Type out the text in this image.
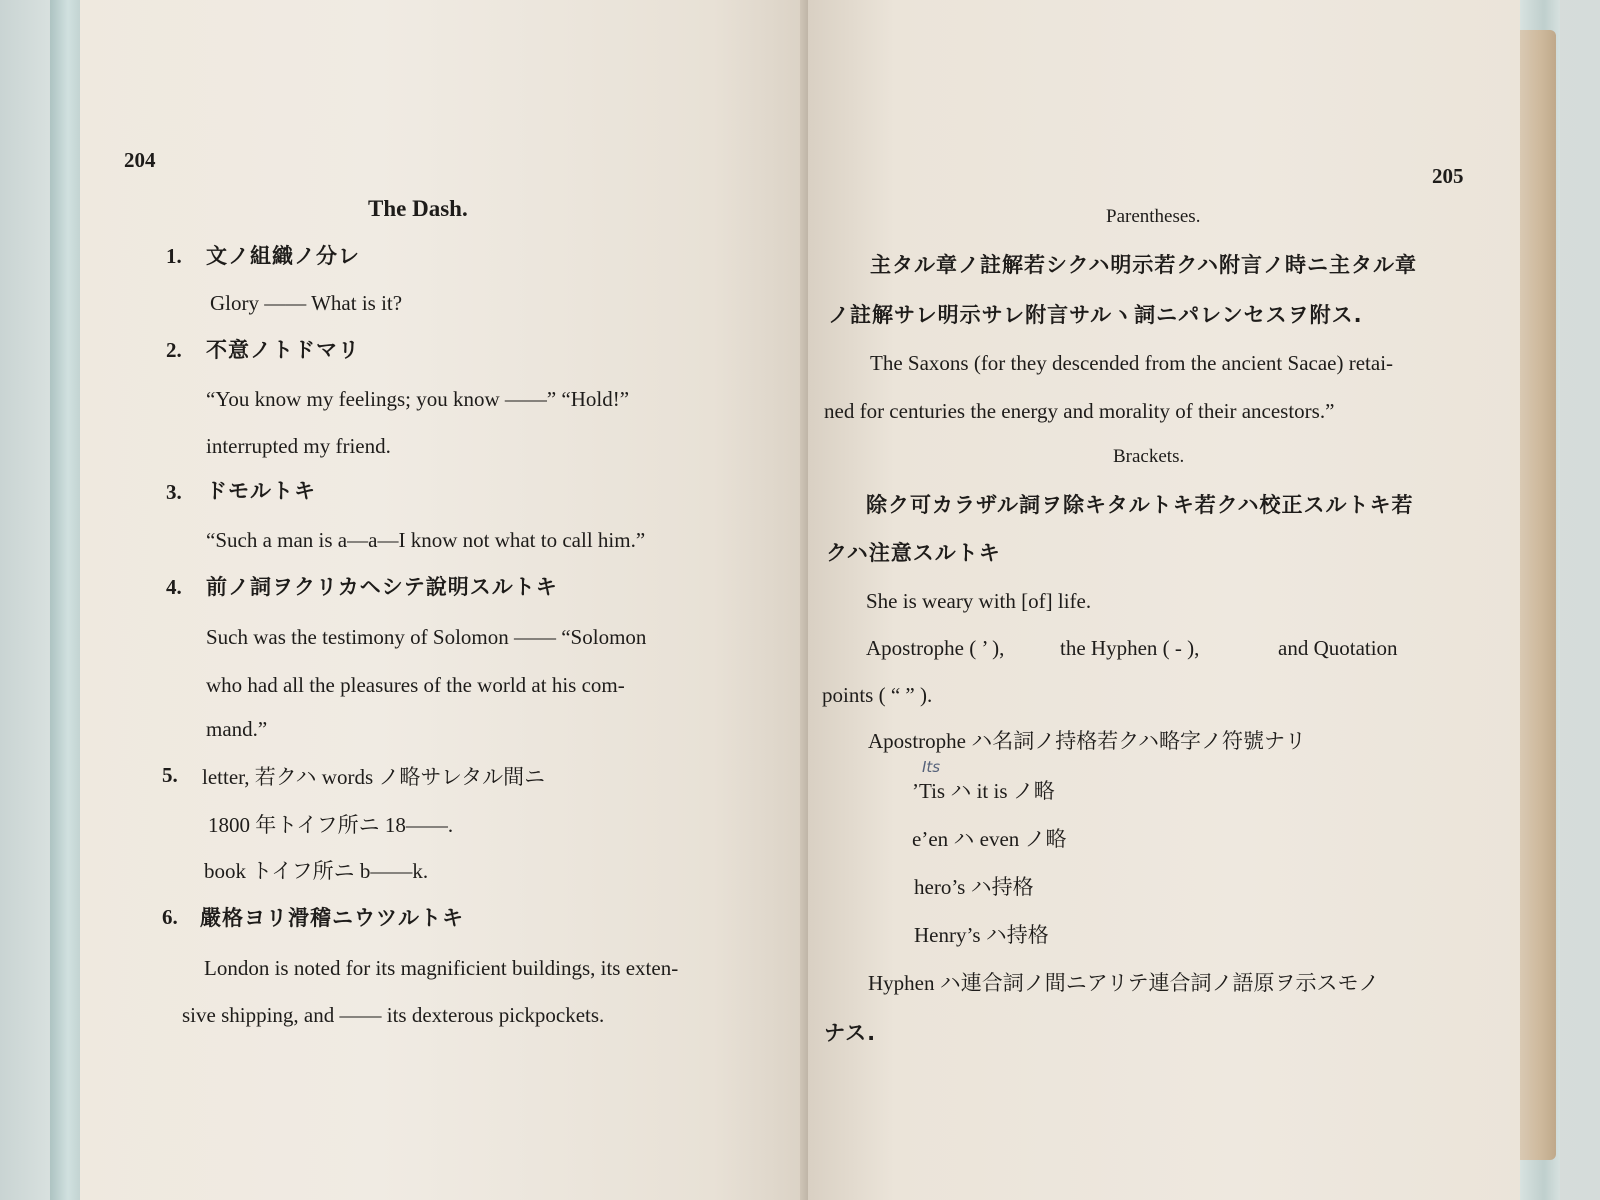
204
The Dash.
1. 文ノ組織ノ分レ
Glory —— What is it?
2. 不意ノトドマリ
“You know my feelings; you know ——” “Hold!”
interrupted my friend.
3. ドモルトキ
“Such a man is a—a—I know not what to call him.”
4. 前ノ詞ヲクリカヘシテ說明スルトキ
Such was the testimony of Solomon —— “Solomon
who had all the pleasures of the world at his com-
mand.”
5. letter, 若クハ words ノ略サレタル間ニ
1800 年トイフ所ニ 18——.
book トイフ所ニ b——k.
6. 嚴格ヨリ滑稽ニウツルトキ
London is noted for its magnificient buildings, its exten-
sive shipping, and —— its dexterous pickpockets.
205
Parentheses.
主タル章ノ註解若シクハ明示若クハ附言ノ時ニ主タル章
ノ註解サレ明示サレ附言サルヽ詞ニパレンセスヲ附ス.
The Saxons (for they descended from the ancient Sacae) retai-
ned for centuries the energy and morality of their ancestors.”
Brackets.
除ク可カラザル詞ヲ除キタルトキ若クハ校正スルトキ若
クハ注意スルトキ
She is weary with [of] life.
Apostrophe ( ’ ),	the Hyphen ( - ),	and Quotation
points ( “ ” ).
Apostrophe ハ名詞ノ持格若クハ略字ノ符號ナリ
Its
’Tis ハ it is ノ略
e’en ハ even ノ略
hero’s ハ持格
Henry’s ハ持格
Hyphen ハ連合詞ノ間ニアリテ連合詞ノ語原ヲ示スモノ
ナス.
